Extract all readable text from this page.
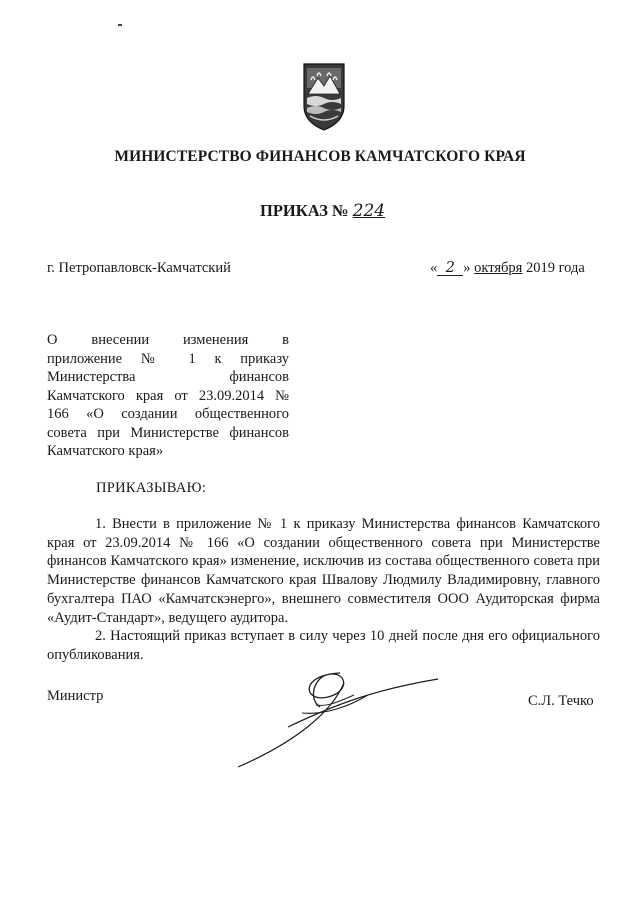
МИНИСТЕРСТВО ФИНАНСОВ КАМЧАТСКОГО КРАЯ
ПРИКАЗ № 224
г. Петропавловск-Камчатский	« 2 » октября 2019 года
О внесении изменения в
приложение № 1 к приказу
Министерства финансов
Камчатского края от 23.09.2014 №
166 «О создании общественного
совета при Министерстве финансов
Камчатского края»
ПРИКАЗЫВАЮ:

1. Внести в приложение № 1 к приказу Министерства финансов Камчатского края от 23.09.2014 № 166 «О создании общественного совета при Министерстве финансов Камчатского края» изменение, исключив из состава общественного совета при Министерстве финансов Камчатского края Швалову Людмилу Владимировну, главного бухгалтера ПАО «Камчатскэнерго», внешнего совместителя ООО Аудиторская фирма «Аудит-Стандарт», ведущего аудитора.

2. Настоящий приказ вступает в силу через 10 дней после дня его официального опубликования.

Министр	С.Л. Течко
